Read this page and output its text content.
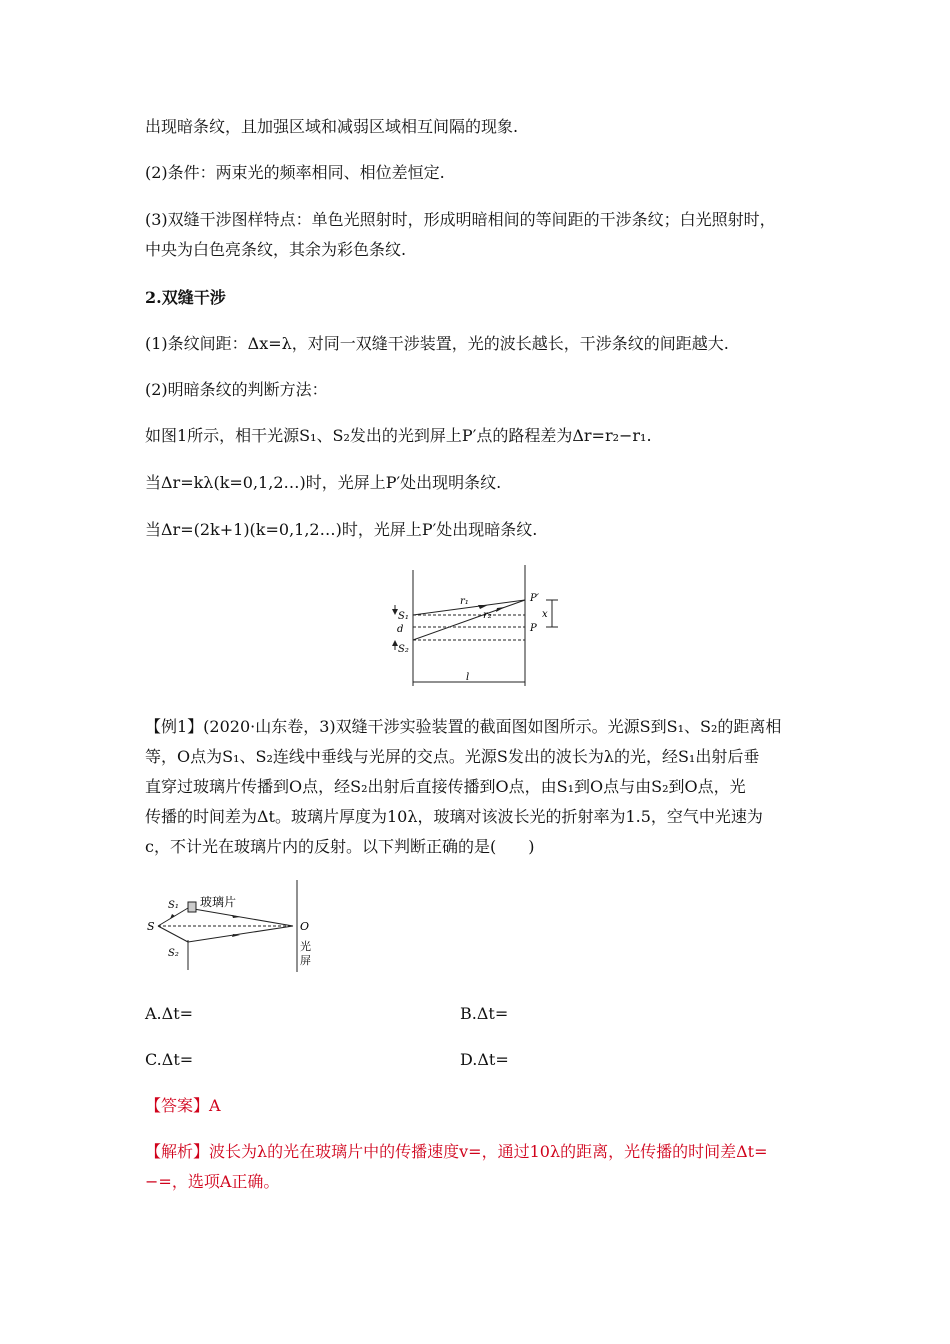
出现暗条纹，且加强区域和减弱区域相互间隔的现象.
(2)条件：两束光的频率相同、相位差恒定.
(3)双缝干涉图样特点：单色光照射时，形成明暗相间的等间距的干涉条纹；白光照射时，
中央为白色亮条纹，其余为彩色条纹.
2.双缝干涉
(1)条纹间距：Δx=λ，对同一双缝干涉装置，光的波长越长，干涉条纹的间距越大.
(2)明暗条纹的判断方法：
如图1所示，相干光源S₁、S₂发出的光到屏上P′点的路程差为Δr=r₂−r₁.
当Δr=kλ(k=0,1,2…)时，光屏上P′处出现明条纹.
当Δr=(2k+1)(k=0,1,2…)时，光屏上P′处出现暗条纹.
S₁
d
S₂
r₁
r₂
P′
P
x
l
【例1】(2020·山东卷，3)双缝干涉实验装置的截面图如图所示。光源S到S₁、S₂的距离相
等，O点为S₁、S₂连线中垂线与光屏的交点。光源S发出的波长为λ的光，经S₁出射后垂
直穿过玻璃片传播到O点，经S₂出射后直接传播到O点，由S₁到O点与由S₂到O点，光
传播的时间差为Δt。玻璃片厚度为10λ，玻璃对该波长光的折射率为1.5，空气中光速为
c，不计光在玻璃片内的反射。以下判断正确的是(　　)
玻璃片
S
S₁
S₂
O
光
屏
A.Δt=	B.Δt=
C.Δt=	D.Δt=
【答案】A
【解析】波长为λ的光在玻璃片中的传播速度v=，通过10λ的距离，光传播的时间差Δt=
−=，选项A正确。
